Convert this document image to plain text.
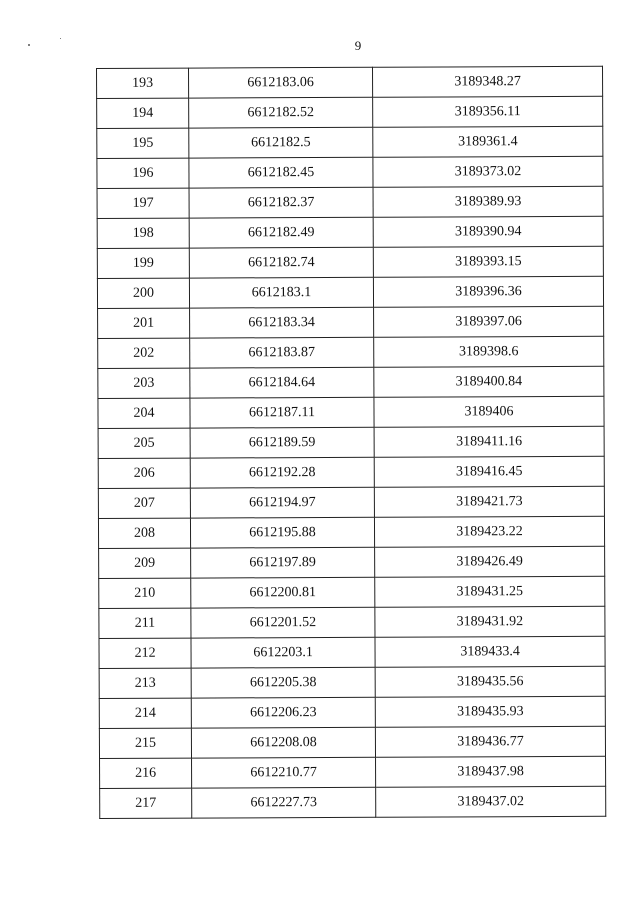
9
193	6612183.06	3189348.27
194	6612182.52	3189356.11
195	6612182.5	3189361.4
196	6612182.45	3189373.02
197	6612182.37	3189389.93
198	6612182.49	3189390.94
199	6612182.74	3189393.15
200	6612183.1	3189396.36
201	6612183.34	3189397.06
202	6612183.87	3189398.6
203	6612184.64	3189400.84
204	6612187.11	3189406
205	6612189.59	3189411.16
206	6612192.28	3189416.45
207	6612194.97	3189421.73
208	6612195.88	3189423.22
209	6612197.89	3189426.49
210	6612200.81	3189431.25
211	6612201.52	3189431.92
212	6612203.1	3189433.4
213	6612205.38	3189435.56
214	6612206.23	3189435.93
215	6612208.08	3189436.77
216	6612210.77	3189437.98
217	6612227.73	3189437.02
